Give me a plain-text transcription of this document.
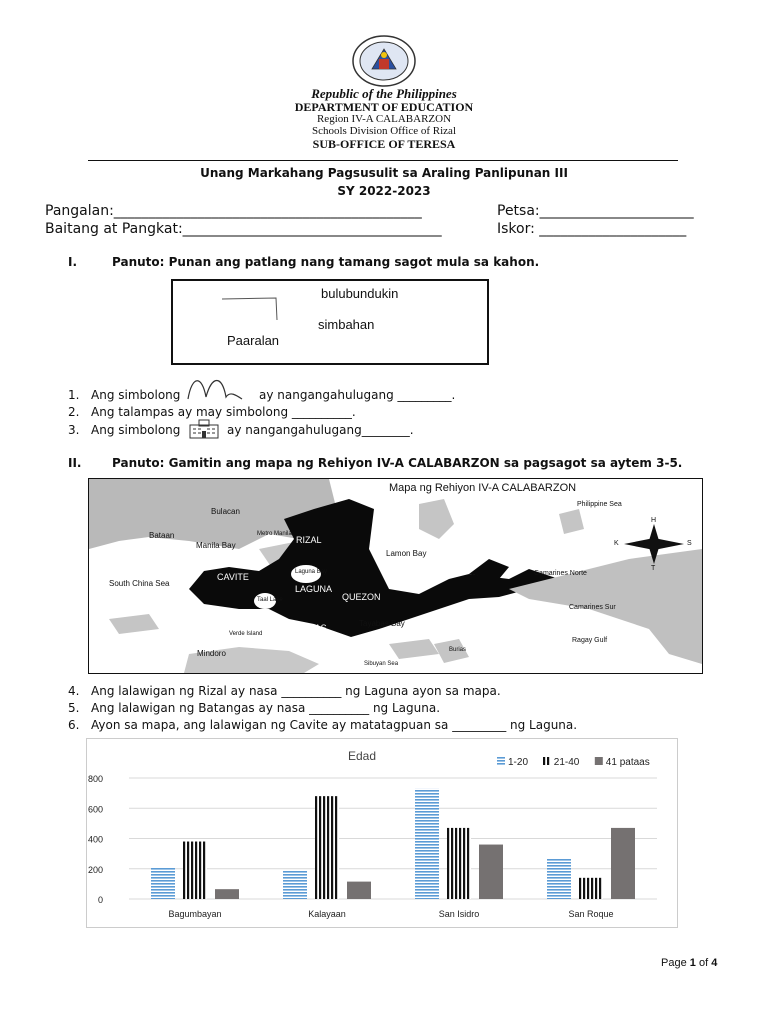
Republic of the Philippines
DEPARTMENT OF EDUCATION
Region IV-A CALABARZON
Schools Division Office of Rizal
SUB-OFFICE OF TERESA
Unang Markahang Pagsusulit sa Araling Panlipunan III
SY 2022-2023
Pangalan:____________________________________________	Petsa:______________________
Baitang at Pangkat:_____________________________________	Iskor: _____________________
I.	Panuto: Punan ang patlang nang tamang sagot mula sa kahon.
bulubundukin
simbahan
Paaralan
1. Ang simbolong	ay nangangahulugang _________.
2. Ang talampas ay may simbolong __________.
3. Ang simbolong	ay nangangahulugang________.
II.	Panuto: Gamitin ang mapa ng Rehiyon IV-A CALABARZON sa pagsagot sa aytem 3-5.
Mapa ng Rehiyon IV-A CALABARZON
Bulacan
Bataan
Manila Bay
Metro Manila
RIZAL
Lamon Bay
Philippine Sea
South China Sea
CAVITE	Laguna Bay
LAGUNA
QUEZON
Taal Lake
BATANGAS	Tayabas Bay
Camarines Norte
Camarines Sur
Ragay Gulf
Mindoro
Sibuyan Sea
Verde Island
Burias
H
T
S
K
4. Ang lalawigan ng Rizal ay nasa __________ ng Laguna ayon sa mapa.
5. Ang lalawigan ng Batangas ay nasa __________ ng Laguna.
6. Ayon sa mapa, ang lalawigan ng Cavite ay matatagpuan sa _________ ng Laguna.
Edad
0
200
400
600
800
Bagumbayan	Kalayaan	San Isidro	San Roque
1-20	21-40	41 pataas
Page 1 of 4
